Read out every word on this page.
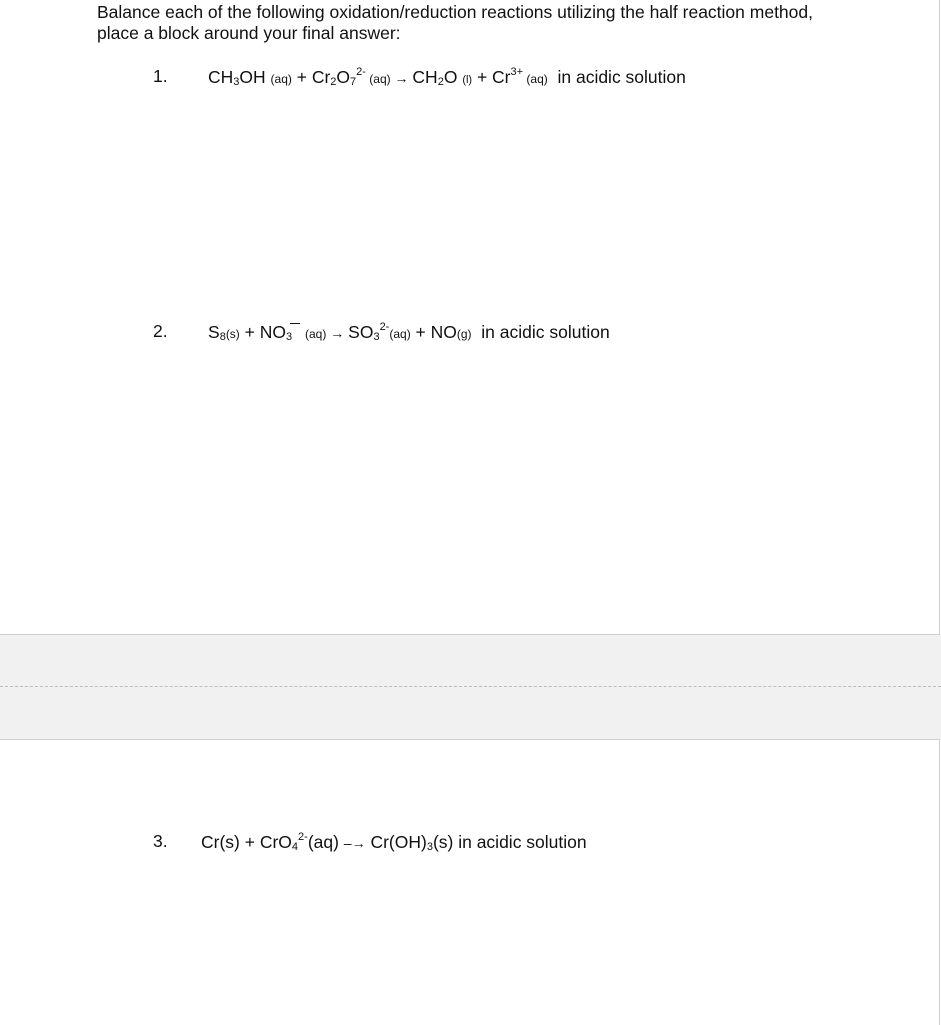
Balance each of the following oxidation/reduction reactions utilizing the half reaction method, place a block around your final answer:

1. CH3OH $(aq) + Cr2O7^{2-}$ (aq) → CH2O $(l) + Cr^{3+}$ (aq)  in acidic solution
2. S8(s) + NO3 $(aq) \to SO3^{2-}(aq) + NO(g)$  in acidic solution
3. $Cr(s) + CrO4^{2-}(aq) -\to Cr(OH)3(s)$ in acidic solution
